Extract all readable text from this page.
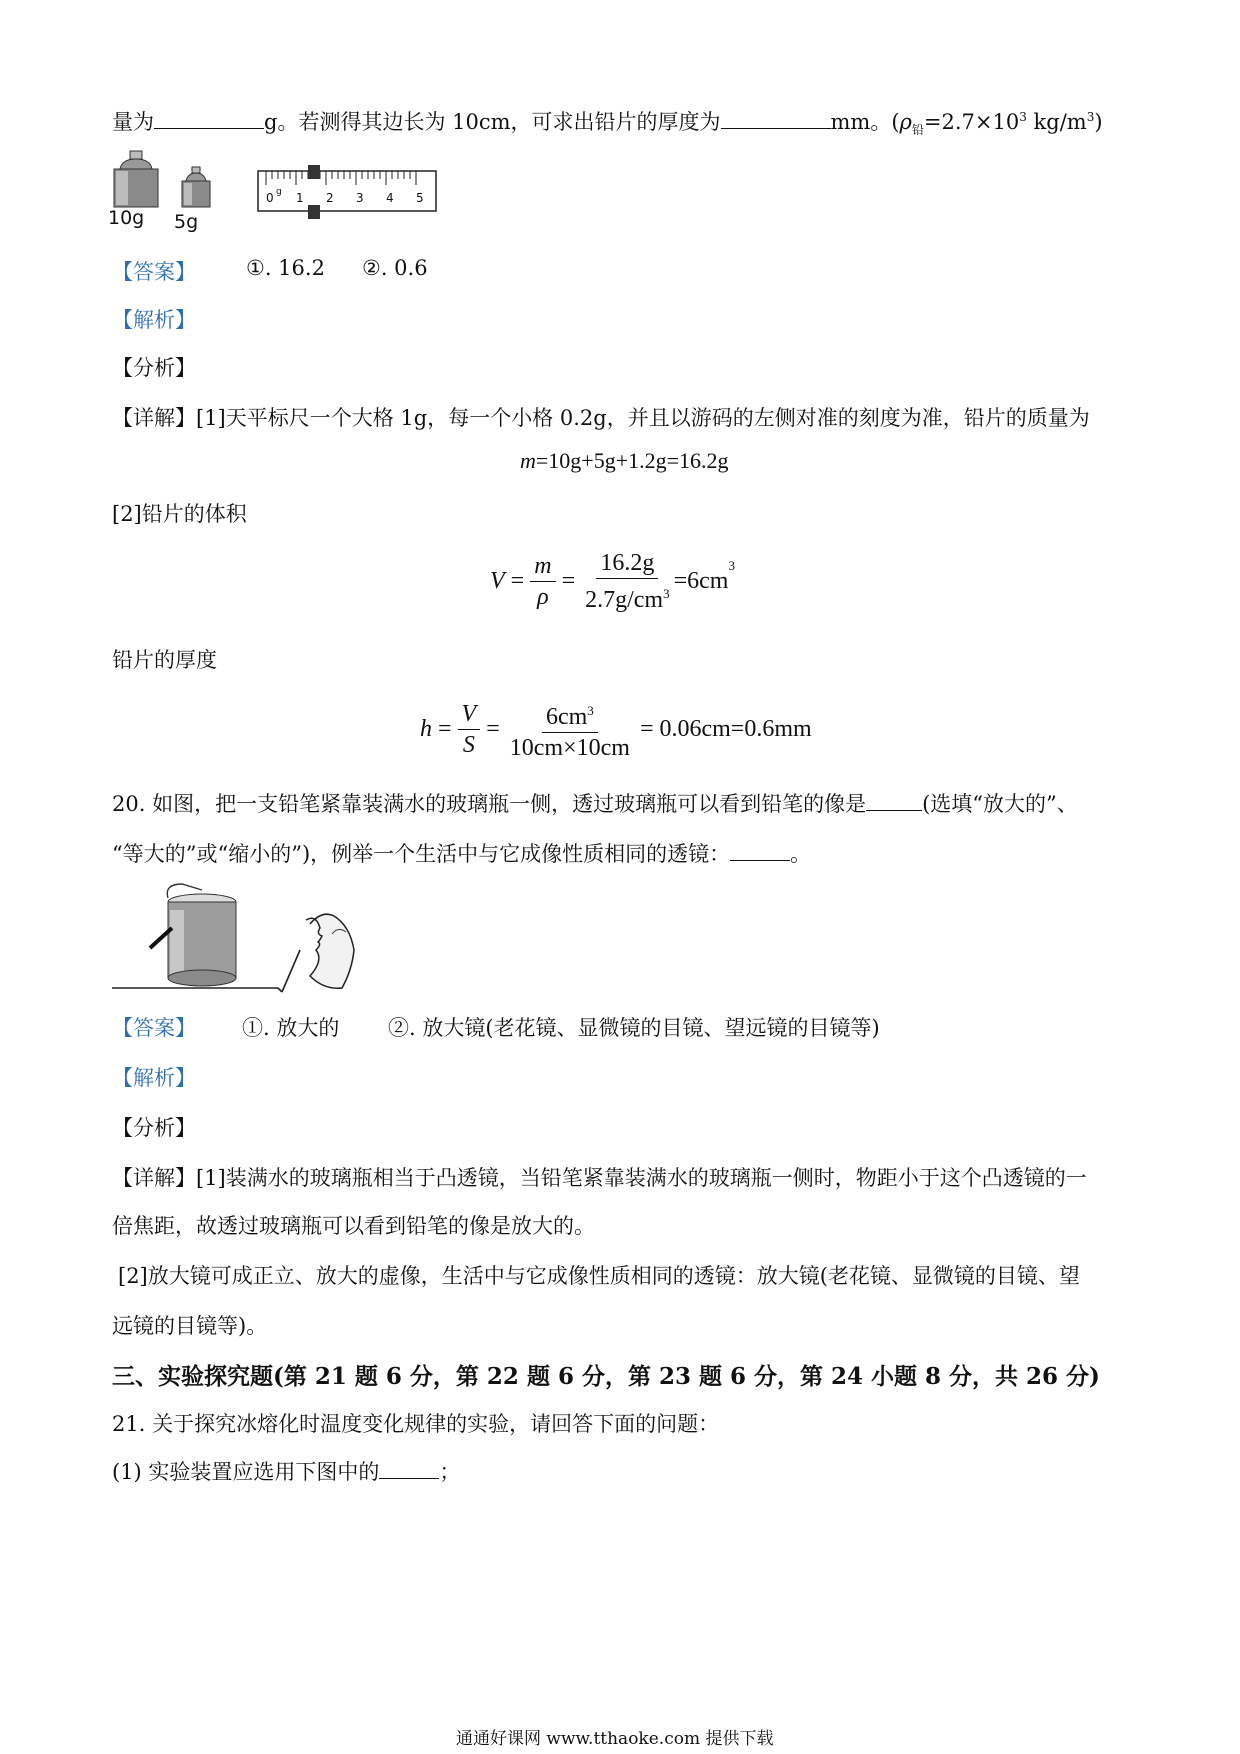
量为	g。若测得其边长为 10cm，可求出铅片的厚度为	mm。($\rho_铅=2.7\times 10^3$ $kg/m^3$)
10g 5g
0 g 1 2 3 4 5
【答案】 ①. 16.2 ②. 0.6
【解析】
【分析】
【详解】[1]天平标尺一个大格 1g，每一个小格 0.2g，并且以游码的左侧对准的刻度为准，铅片的质量为
m=10g+5g+1.2g=16.2g
[2]铅片的体积
$V = \frac{m}{\rho} = \frac{16.2g}{2.7g/cm^3} =6cm$
$^3$
铅片的厚度
$h = \frac{V}{S} = \frac{6cm^3}{10cm\times 10cm} = 0.06cm=0.6mm$
20. 如图，把一支铅笔紧靠装满水的玻璃瓶一侧，透过玻璃瓶可以看到铅笔的像是	(选填“放大的”、
“等大的”或“缩小的”)，例举一个生活中与它成像性质相同的透镜：	。
【答案】 ①. 放大的 ②. 放大镜(老花镜、显微镜的目镜、望远镜的目镜等)
【解析】
【分析】
【详解】[1]装满水的玻璃瓶相当于凸透镜，当铅笔紧靠装满水的玻璃瓶一侧时，物距小于这个凸透镜的一
倍焦距，故透过玻璃瓶可以看到铅笔的像是放大的。
[2]放大镜可成正立、放大的虚像，生活中与它成像性质相同的透镜：放大镜(老花镜、显微镜的目镜、望
远镜的目镜等)。
三、实验探究题(第 21 题 6 分，第 22 题 6 分，第 23 题 6 分，第 24 小题 8 分，共 26 分)
21. 关于探究冰熔化时温度变化规律的实验，请回答下面的问题：
(1) 实验装置应选用下图中的	；
通通好课网 www.tthaoke.com 提供下载
